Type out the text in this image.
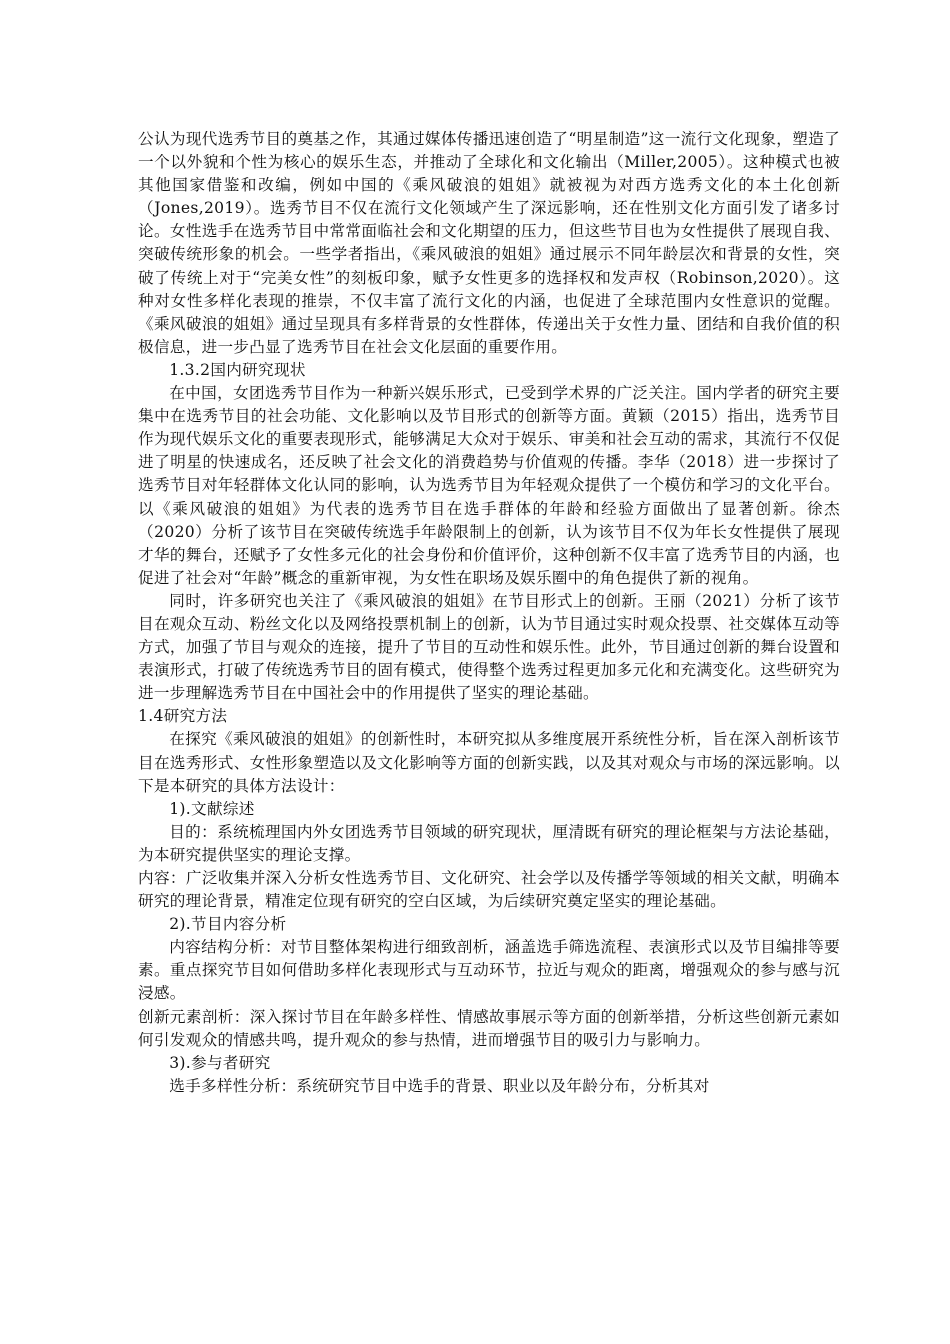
公认为现代选秀节目的奠基之作，其通过媒体传播迅速创造了“明星制造”这一流行文化现象，塑造了一个以外貌和个性为核心的娱乐生态，并推动了全球化和文化输出（Miller,2005）。这种模式也被其他国家借鉴和改编，例如中国的《乘风破浪的姐姐》就被视为对西方选秀文化的本土化创新（Jones,2019）。选秀节目不仅在流行文化领域产生了深远影响，还在性别文化方面引发了诸多讨论。女性选手在选秀节目中常常面临社会和文化期望的压力，但这些节目也为女性提供了展现自我、突破传统形象的机会。一些学者指出，《乘风破浪的姐姐》通过展示不同年龄层次和背景的女性，突破了传统上对于“完美女性”的刻板印象，赋予女性更多的选择权和发声权（Robinson,2020）。这种对女性多样化表现的推崇，不仅丰富了流行文化的内涵，也促进了全球范围内女性意识的觉醒。《乘风破浪的姐姐》通过呈现具有多样背景的女性群体，传递出关于女性力量、团结和自我价值的积极信息，进一步凸显了选秀节目在社会文化层面的重要作用。

1.3.2国内研究现状

在中国，女团选秀节目作为一种新兴娱乐形式，已受到学术界的广泛关注。国内学者的研究主要集中在选秀节目的社会功能、文化影响以及节目形式的创新等方面。黄颖（2015）指出，选秀节目作为现代娱乐文化的重要表现形式，能够满足大众对于娱乐、审美和社会互动的需求，其流行不仅促进了明星的快速成名，还反映了社会文化的消费趋势与价值观的传播。李华（2018）进一步探讨了选秀节目对年轻群体文化认同的影响，认为选秀节目为年轻观众提供了一个模仿和学习的文化平台。 以《乘风破浪的姐姐》为代表的选秀节目在选手群体的年龄和经验方面做出了显著创新。徐杰（2020）分析了该节目在突破传统选手年龄限制上的创新，认为该节目不仅为年长女性提供了展现才华的舞台，还赋予了女性多元化的社会身份和价值评价，这种创新不仅丰富了选秀节目的内涵，也促进了社会对“年龄”概念的重新审视，为女性在职场及娱乐圈中的角色提供了新的视角。

同时，许多研究也关注了《乘风破浪的姐姐》在节目形式上的创新。王丽（2021）分析了该节目在观众互动、粉丝文化以及网络投票机制上的创新，认为节目通过实时观众投票、社交媒体互动等方式，加强了节目与观众的连接，提升了节目的互动性和娱乐性。此外，节目通过创新的舞台设置和表演形式，打破了传统选秀节目的固有模式，使得整个选秀过程更加多元化和充满变化。这些研究为进一步理解选秀节目在中国社会中的作用提供了坚实的理论基础。

1.4研究方法

在探究《乘风破浪的姐姐》的创新性时，本研究拟从多维度展开系统性分析，旨在深入剖析该节目在选秀形式、女性形象塑造以及文化影响等方面的创新实践，以及其对观众与市场的深远影响。以下是本研究的具体方法设计：

1).文献综述

目的：系统梳理国内外女团选秀节目领域的研究现状，厘清既有研究的理论框架与方法论基础，为本研究提供坚实的理论支撑。

内容：广泛收集并深入分析女性选秀节目、文化研究、社会学以及传播学等领域的相关文献，明确本研究的理论背景，精准定位现有研究的空白区域，为后续研究奠定坚实的理论基础。

2).节目内容分析

内容结构分析：对节目整体架构进行细致剖析，涵盖选手筛选流程、表演形式以及节目编排等要素。重点探究节目如何借助多样化表现形式与互动环节，拉近与观众的距离，增强观众的参与感与沉浸感。

创新元素剖析：深入探讨节目在年龄多样性、情感故事展示等方面的创新举措，分析这些创新元素如何引发观众的情感共鸣，提升观众的参与热情，进而增强节目的吸引力与影响力。

3).参与者研究

选手多样性分析：系统研究节目中选手的背景、职业以及年龄分布，分析其对
